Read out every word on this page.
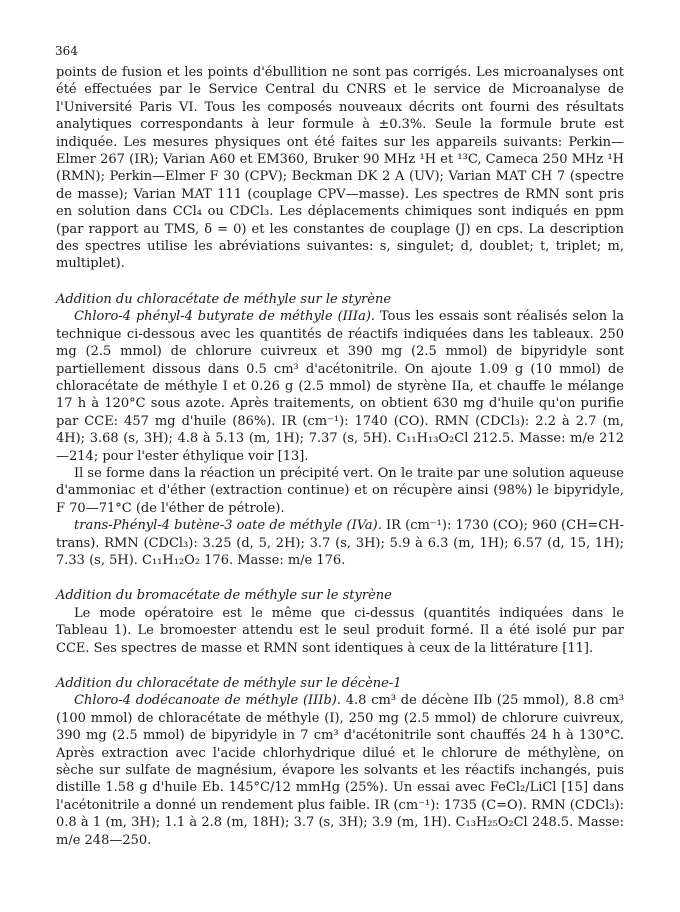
364

points de fusion et les points d'ébullition ne sont pas corrigés. Les microanalyses ont été effectuées par le Service Central du CNRS et le service de Microanalyse de l'Université Paris VI. Tous les composés nouveaux décrits ont fourni des résultats analytiques correspondants à leur formule à ±0.3%. Seule la formule brute est indiquée. Les mesures physiques ont été faites sur les appareils suivants: Perkin—Elmer 267 (IR); Varian A60 et EM360, Bruker 90 MHz ¹H et ¹³C, Cameca 250 MHz ¹H (RMN); Perkin—Elmer F 30 (CPV); Beckman DK 2 A (UV); Varian MAT CH 7 (spectre de masse); Varian MAT 111 (couplage CPV—masse). Les spectres de RMN sont pris en solution dans CCl₄ ou CDCl₃. Les déplacements chimiques sont indiqués en ppm (par rapport au TMS, δ = 0) et les constantes de couplage (J) en cps. La description des spectres utilise les abréviations suivantes: s, singulet; d, doublet; t, triplet; m, multiplet).

Addition du chloracétate de méthyle sur le styrène

Chloro-4 phényl-4 butyrate de méthyle (IIIa). Tous les essais sont réalisés selon la technique ci-dessous avec les quantités de réactifs indiquées dans les tableaux. 250 mg (2.5 mmol) de chlorure cuivreux et 390 mg (2.5 mmol) de bipyridyle sont partiellement dissous dans 0.5 cm³ d'acétonitrile. On ajoute 1.09 g (10 mmol) de chloracétate de méthyle I et 0.26 g (2.5 mmol) de styrène IIa, et chauffe le mélange 17 h à 120°C sous azote. Après traitements, on obtient 630 mg d'huile qu'on purifie par CCE: 457 mg d'huile (86%). IR (cm⁻¹): 1740 (CO). RMN (CDCl₃): 2.2 à 2.7 (m, 4H); 3.68 (s, 3H); 4.8 à 5.13 (m, 1H); 7.37 (s, 5H). C₁₁H₁₃O₂Cl 212.5. Masse: m/e 212—214; pour l'ester éthylique voir [13].

Il se forme dans la réaction un précipité vert. On le traite par une solution aqueuse d'ammoniac et d'éther (extraction continue) et on récupère ainsi (98%) le bipyridyle, F 70—71°C (de l'éther de pétrole).

trans-Phényl-4 butène-3 oate de méthyle (IVa). IR (cm⁻¹): 1730 (CO); 960 (CH=CH-trans). RMN (CDCl₃): 3.25 (d, 5, 2H); 3.7 (s, 3H); 5.9 à 6.3 (m, 1H); 6.57 (d, 15, 1H); 7.33 (s, 5H). C₁₁H₁₂O₂ 176. Masse: m/e 176.

Addition du bromacétate de méthyle sur le styrène

Le mode opératoire est le même que ci-dessus (quantités indiquées dans le Tableau 1). Le bromoester attendu est le seul produit formé. Il a été isolé pur par CCE. Ses spectres de masse et RMN sont identiques à ceux de la littérature [11].

Addition du chloracétate de méthyle sur le décène-1

Chloro-4 dodécanoate de méthyle (IIIb). 4.8 cm³ de décène IIb (25 mmol), 8.8 cm³ (100 mmol) de chloracétate de méthyle (I), 250 mg (2.5 mmol) de chlorure cuivreux, 390 mg (2.5 mmol) de bipyridyle in 7 cm³ d'acétonitrile sont chauffés 24 h à 130°C. Après extraction avec l'acide chlorhydrique dilué et le chlorure de méthylène, on sèche sur sulfate de magnésium, évapore les solvants et les réactifs inchangés, puis distille 1.58 g d'huile Eb. 145°C/12 mmHg (25%). Un essai avec FeCl₂/LiCl [15] dans l'acétonitrile a donné un rendement plus faible. IR (cm⁻¹): 1735 (C=O). RMN (CDCl₃): 0.8 à 1 (m, 3H); 1.1 à 2.8 (m, 18H); 3.7 (s, 3H); 3.9 (m, 1H). C₁₃H₂₅O₂Cl 248.5. Masse: m/e 248—250.
